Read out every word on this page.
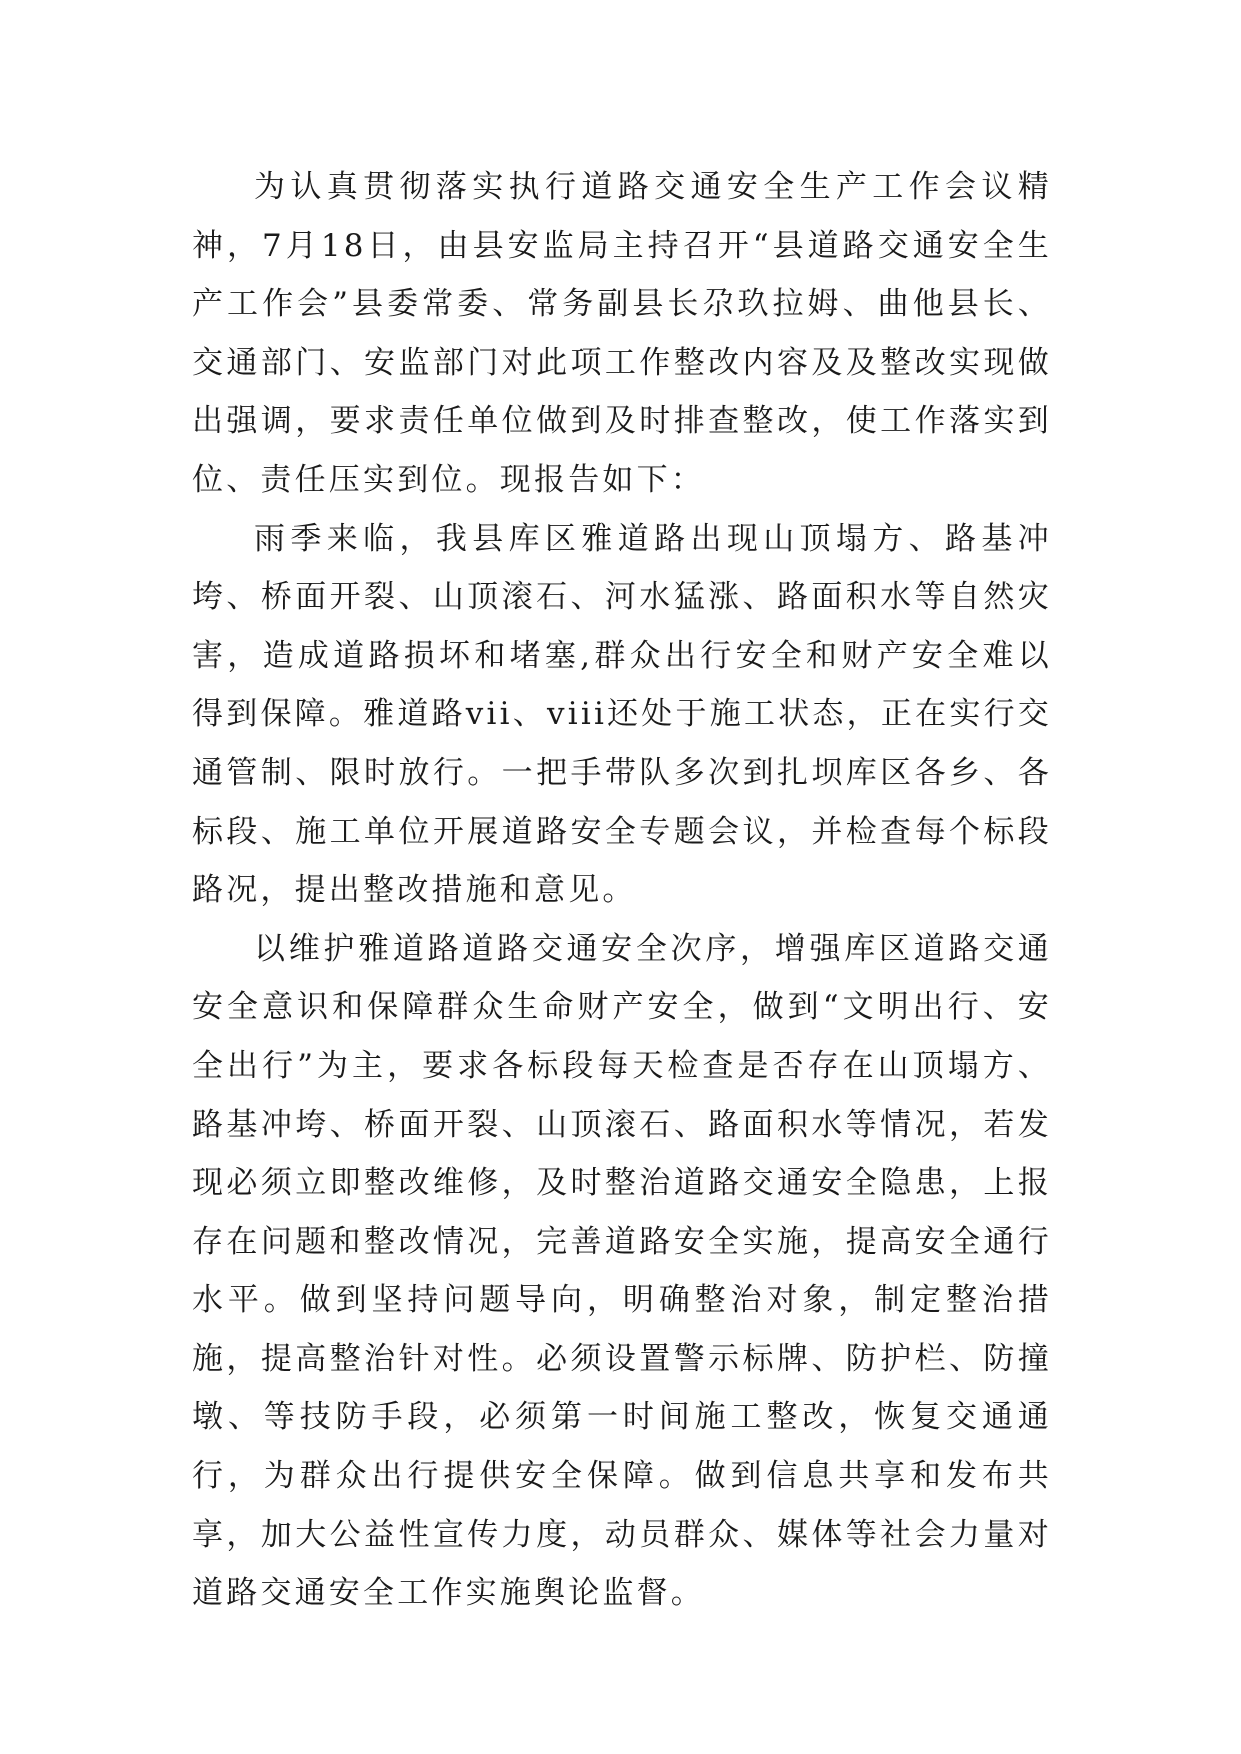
为认真贯彻落实执行道路交通安全生产工作会议精神，7月18日，由县安监局主持召开“县道路交通安全生产工作会”县委常委、常务副县长尕玖拉姆、曲他县长、交通部门、安监部门对此项工作整改内容及及整改实现做出强调，要求责任单位做到及时排查整改，使工作落实到位、责任压实到位。现报告如下：

雨季来临，我县库区雅道路出现山顶塌方、路基冲垮、桥面开裂、山顶滚石、河水猛涨、路面积水等自然灾害，造成道路损坏和堵塞,群众出行安全和财产安全难以得到保障。雅道路vii、viii还处于施工状态，正在实行交通管制、限时放行。一把手带队多次到扎坝库区各乡、各标段、施工单位开展道路安全专题会议，并检查每个标段路况，提出整改措施和意见。

以维护雅道路道路交通安全次序，增强库区道路交通安全意识和保障群众生命财产安全，做到“文明出行、安全出行”为主，要求各标段每天检查是否存在山顶塌方、路基冲垮、桥面开裂、山顶滚石、路面积水等情况，若发现必须立即整改维修，及时整治道路交通安全隐患，上报存在问题和整改情况，完善道路安全实施，提高安全通行水平。做到坚持问题导向，明确整治对象，制定整治措施，提高整治针对性。必须设置警示标牌、防护栏、防撞墩、等技防手段，必须第一时间施工整改，恢复交通通行，为群众出行提供安全保障。做到信息共享和发布共享，加大公益性宣传力度，动员群众、媒体等社会力量对道路交通安全工作实施舆论监督。
